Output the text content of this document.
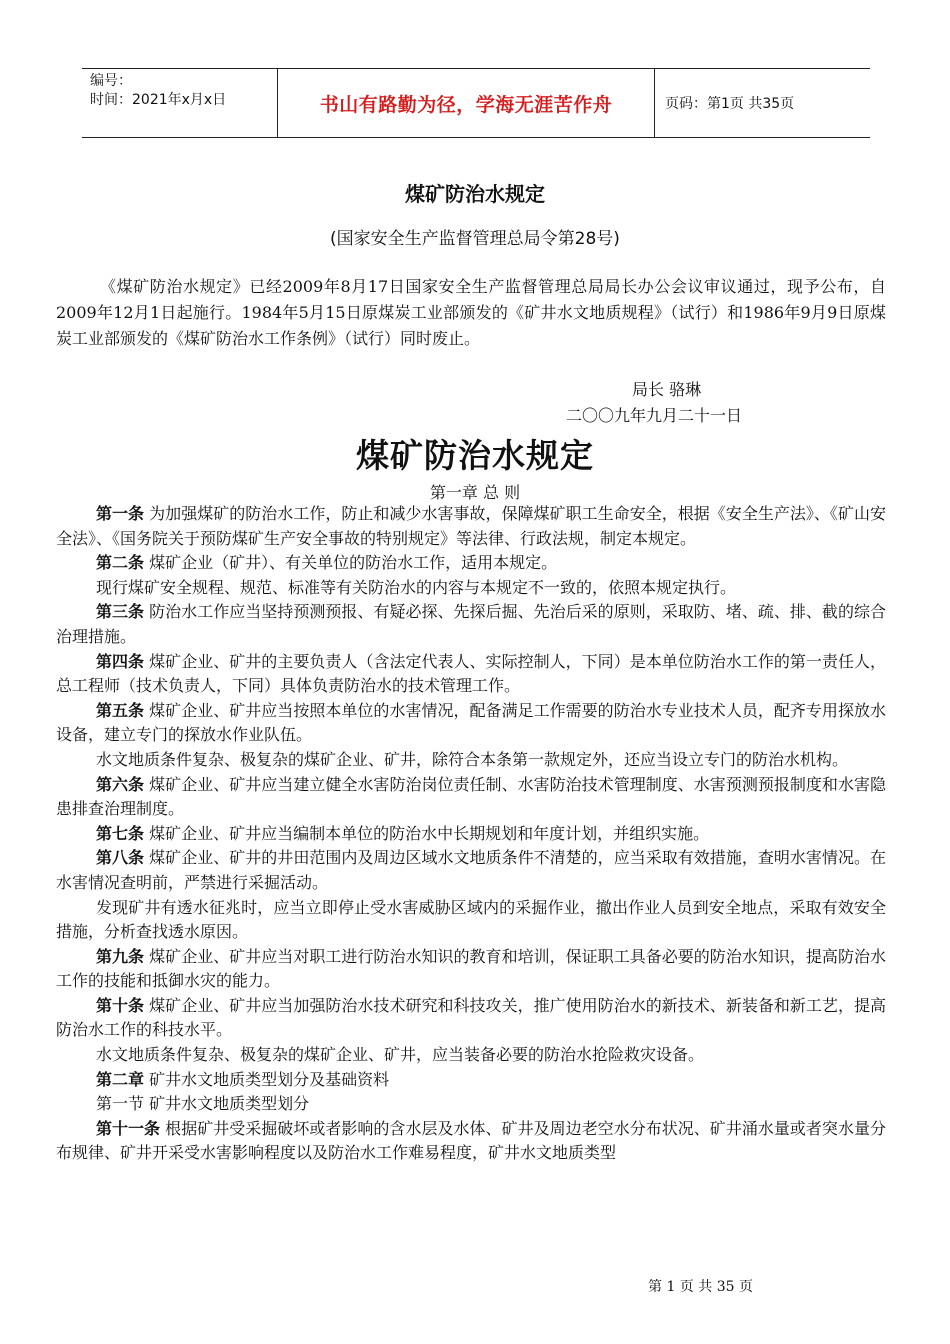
编号：
时间：2021年x月x日	书山有路勤为径，学海无涯苦作舟	页码：第1页 共35页
煤矿防治水规定
(国家安全生产监督管理总局令第28号)

《煤矿防治水规定》已经2009年8月17日国家安全生产监督管理总局局长办公会议审议通过，现予公布，自2009年12月1日起施行。1984年5月15日原煤炭工业部颁发的《矿井水文地质规程》（试行）和1986年9月9日原煤炭工业部颁发的《煤矿防治水工作条例》（试行）同时废止。

局长 骆琳
二〇〇九年九月二十一日
煤矿防治水规定
第一章 总 则

第一条 为加强煤矿的防治水工作，防止和减少水害事故，保障煤矿职工生命安全，根据《安全生产法》、《矿山安全法》、《国务院关于预防煤矿生产安全事故的特别规定》等法律、行政法规，制定本规定。

第二条 煤矿企业（矿井）、有关单位的防治水工作，适用本规定。

现行煤矿安全规程、规范、标准等有关防治水的内容与本规定不一致的，依照本规定执行。

第三条 防治水工作应当坚持预测预报、有疑必探、先探后掘、先治后采的原则，采取防、堵、疏、排、截的综合治理措施。

第四条 煤矿企业、矿井的主要负责人（含法定代表人、实际控制人，下同）是本单位防治水工作的第一责任人，总工程师（技术负责人，下同）具体负责防治水的技术管理工作。

第五条 煤矿企业、矿井应当按照本单位的水害情况，配备满足工作需要的防治水专业技术人员，配齐专用探放水设备，建立专门的探放水作业队伍。

水文地质条件复杂、极复杂的煤矿企业、矿井，除符合本条第一款规定外，还应当设立专门的防治水机构。

第六条 煤矿企业、矿井应当建立健全水害防治岗位责任制、水害防治技术管理制度、水害预测预报制度和水害隐患排查治理制度。

第七条 煤矿企业、矿井应当编制本单位的防治水中长期规划和年度计划，并组织实施。

第八条 煤矿企业、矿井的井田范围内及周边区域水文地质条件不清楚的，应当采取有效措施，查明水害情况。在水害情况查明前，严禁进行采掘活动。

发现矿井有透水征兆时，应当立即停止受水害威胁区域内的采掘作业，撤出作业人员到安全地点，采取有效安全措施，分析查找透水原因。

第九条 煤矿企业、矿井应当对职工进行防治水知识的教育和培训，保证职工具备必要的防治水知识，提高防治水工作的技能和抵御水灾的能力。

第十条 煤矿企业、矿井应当加强防治水技术研究和科技攻关，推广使用防治水的新技术、新装备和新工艺，提高防治水工作的科技水平。

水文地质条件复杂、极复杂的煤矿企业、矿井，应当装备必要的防治水抢险救灾设备。

第二章 矿井水文地质类型划分及基础资料

第一节 矿井水文地质类型划分

第十一条 根据矿井受采掘破坏或者影响的含水层及水体、矿井及周边老空水分布状况、矿井涌水量或者突水量分布规律、矿井开采受水害影响程度以及防治水工作难易程度，矿井水文地质类型

第 1 页 共 35 页
